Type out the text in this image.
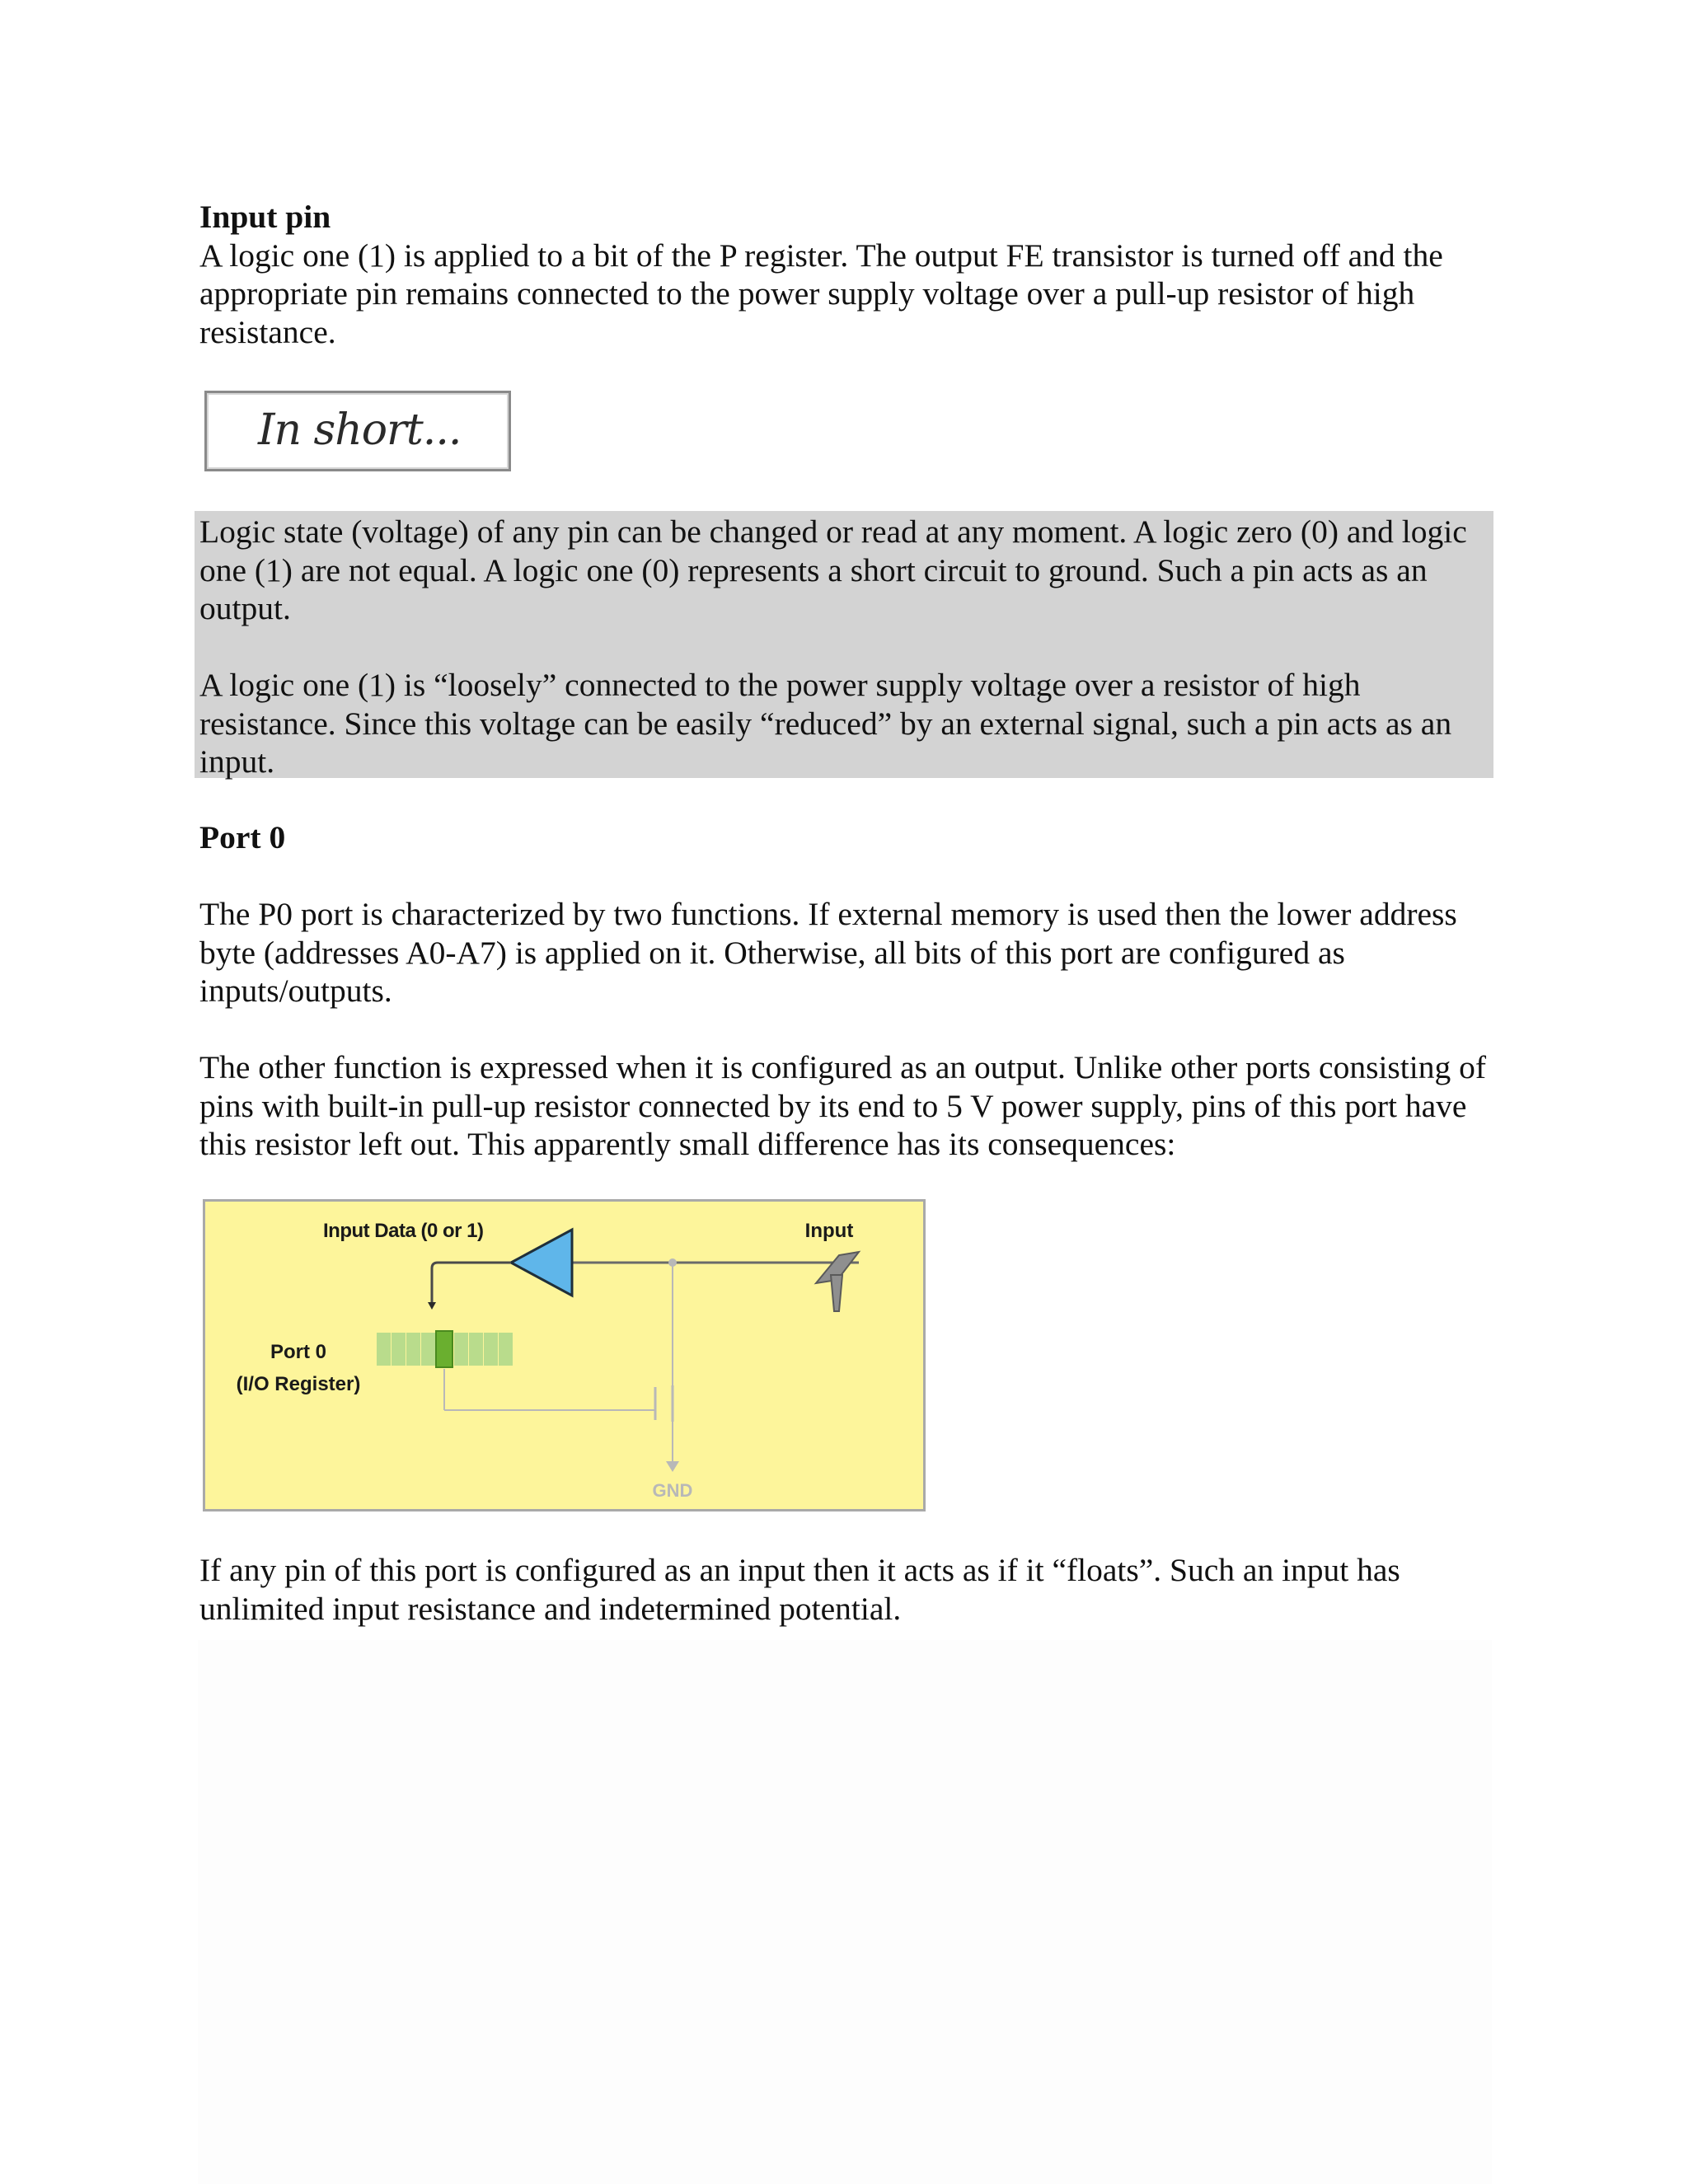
Input pin

A logic one (1) is applied to a bit of the P register. The output FE transistor is turned off and the appropriate pin remains connected to the power supply voltage over a pull-up resistor of high resistance.

In short...

Logic state (voltage) of any pin can be changed or read at any moment. A logic zero (0) and logic one (1) are not equal. A logic one (0) represents a short circuit to ground. Such a pin acts as an output.

A logic one (1) is “loosely” connected to the power supply voltage over a resistor of high resistance. Since this voltage can be easily “reduced” by an external signal, such a pin acts as an input.

Port 0

The P0 port is characterized by two functions. If external memory is used then the lower address byte (addresses A0-A7) is applied on it. Otherwise, all bits of this port are configured as inputs/outputs.

The other function is expressed when it is configured as an output. Unlike other ports consisting of pins with built-in pull-up resistor connected by its end to 5 V power supply, pins of this port have this resistor left out. This apparently small difference has its consequences:

GND
Input Data (0 or 1)	Input
Port 0
(I/O Register)

If any pin of this port is configured as an input then it acts as if it “floats”. Such an input has unlimited input resistance and indetermined potential.
